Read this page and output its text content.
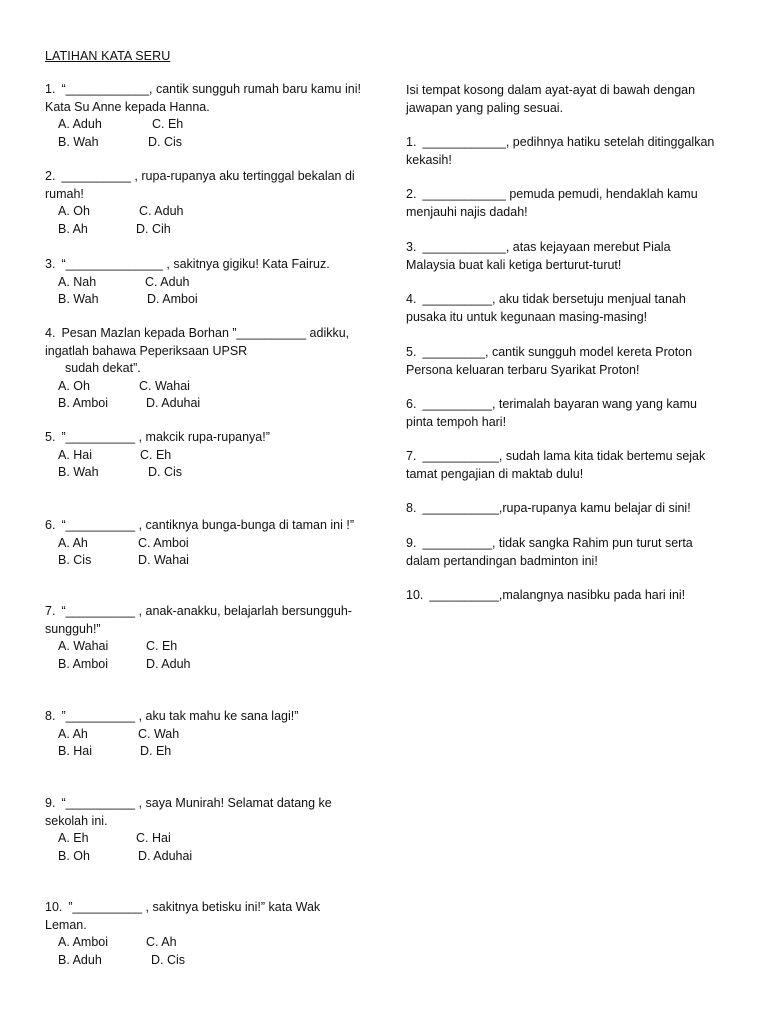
LATIHAN KATA SERU
1. “____________, cantik sungguh rumah baru kamu ini! Kata Su Anne kepada Hanna.
A. Aduh	C. Eh
B. Wah	D. Cis
2. __________ , rupa-rupanya aku tertinggal bekalan di rumah!
A. Oh	C. Aduh
B. Ah	D. Cih
3. “______________ , sakitnya gigiku! Kata Fairuz.
A. Nah	C. Aduh
B. Wah	D. Amboi
4. Pesan Mazlan kepada Borhan ”__________ adikku, ingatlah bahawa Peperiksaan UPSR
sudah dekat”.
A. Oh	C. Wahai
B. Amboi	D. Aduhai
5. ”__________ , makcik rupa-rupanya!”
A. Hai	C. Eh
B. Wah	D. Cis
6. “__________ , cantiknya bunga-bunga di taman ini !”
A. Ah	C. Amboi
B. Cis	D. Wahai
7. “__________ , anak-anakku, belajarlah bersungguh-sungguh!”
A. Wahai	C. Eh
B. Amboi	D. Aduh
8. ”__________ , aku tak mahu ke sana lagi!”
A. Ah	C. Wah
B. Hai	D. Eh
9. “__________ , saya Munirah! Selamat datang ke sekolah ini.
A. Eh	C. Hai
B. Oh	D. Aduhai
10. ”__________ , sakitnya betisku ini!” kata Wak Leman.
A. Amboi	C. Ah
B. Aduh	D. Cis
Isi tempat kosong dalam ayat-ayat di bawah dengan jawapan yang paling sesuai.
1. ____________, pedihnya hatiku setelah ditinggalkan kekasih!
2. ____________ pemuda pemudi, hendaklah kamu menjauhi najis dadah!
3. ____________, atas kejayaan merebut Piala Malaysia buat kali ketiga berturut-turut!
4. __________, aku tidak bersetuju menjual tanah pusaka itu untuk kegunaan masing-masing!
5. _________, cantik sungguh model kereta Proton Persona keluaran terbaru Syarikat Proton!
6. __________, terimalah bayaran wang yang kamu pinta tempoh hari!
7. ___________, sudah lama kita tidak bertemu sejak tamat pengajian di maktab dulu!
8. ___________,rupa-rupanya kamu belajar di sini!
9. __________, tidak sangka Rahim pun turut serta dalam pertandingan badminton ini!
10. __________,malangnya nasibku pada hari ini!
